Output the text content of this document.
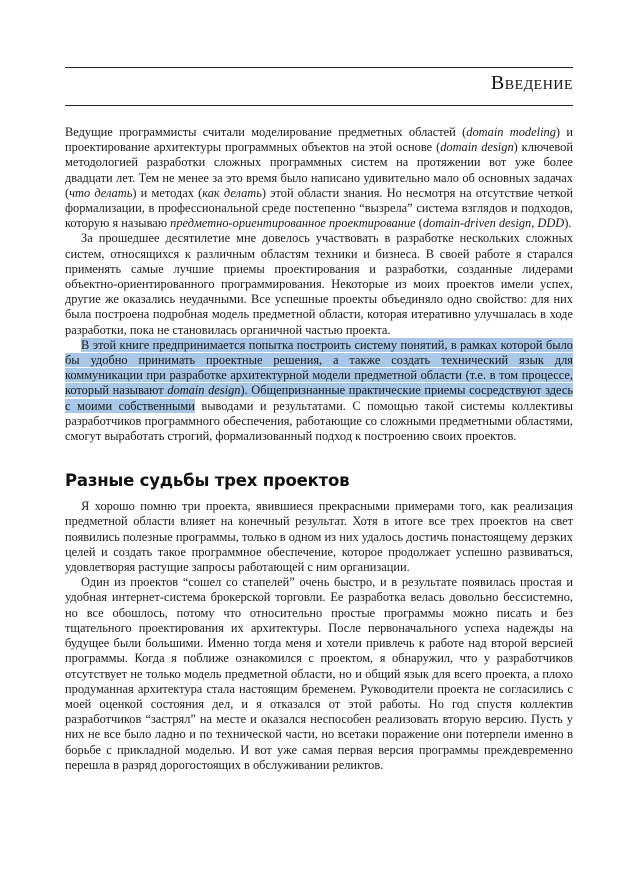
Введение

Ведущие программисты считали моделирование предметных областей (domain modeling) и проектирование архитектуры программных объектов на этой основе (domain design) ключевой методологией разработки сложных программных систем на протяжении вот уже более двадцати лет. Тем не менее за это время было написано удивительно мало об основных задачах (что делать) и методах (как делать) этой области знания. Но несмотря на отсутствие четкой формализации, в профессиональной среде постепенно “вызрела” система взглядов и подходов, которую я называю предметно-ориентированное проектирование (domain-driven design, DDD).

За прошедшее десятилетие мне довелось участвовать в разработке нескольких сложных систем, относящихся к различным областям техники и бизнеса. В своей работе я старался применять самые лучшие приемы проектирования и разработки, созданные лидерами объектно-ориентированного программирования. Некоторые из моих проектов имели успех, другие же оказались неудачными. Все успешные проекты объединяло одно свойство: для них была построена подробная модель предметной области, которая итеративно улучшалась в ходе разработки, пока не становилась органичной частью проекта.

В этой книге предпринимается попытка построить систему понятий, в рамках которой было бы удобно принимать проектные решения, а также создать технический язык для коммуникации при разработке архитектурной модели предметной области (т.е. в том процессе, который называют domain design). Общепризнанные практические приемы сосредствуют здесь с моими собственными выводами и результатами. С помощью такой системы коллективы разработчиков программного обеспечения, работающие со сложными предметными областями, смогут выработать строгий, формализованный подход к построению своих проектов.

Разные судьбы трех проектов

Я хорошо помню три проекта, явившиеся прекрасными примерами того, как реализация предметной области влияет на конечный результат. Хотя в итоге все трех проектов на свет появились полезные программы, только в одном из них удалось достичь понастоящему дерзких целей и создать такое программное обеспечение, которое продолжает успешно развиваться, удовлетворяя растущие запросы работающей с ним организации.

Один из проектов “сошел со стапелей” очень быстро, и в результате появилась простая и удобная интернет-система брокерской торговли. Ее разработка велась довольно бессистемно, но все обошлось, потому что относительно простые программы можно писать и без тщательного проектирования их архитектуры. После первоначального успеха надежды на будущее были большими. Именно тогда меня и хотели привлечь к работе над второй версией программы. Когда я поближе ознакомился с проектом, я обнаружил, что у разработчиков отсутствует не только модель предметной области, но и общий язык для всего проекта, а плохо продуманная архитектура стала настоящим бременем. Руководители проекта не согласились с моей оценкой состояния дел, и я отказался от этой работы. Но год спустя коллектив разработчиков “застрял” на месте и оказался неспособен реализовать вторую версию. Пусть у них не все было ладно и по технической части, но всетаки поражение они потерпели именно в борьбе с прикладной моделью. И вот уже самая первая версия программы преждевременно перешла в разряд дорогостоящих в обслуживании реликтов.
